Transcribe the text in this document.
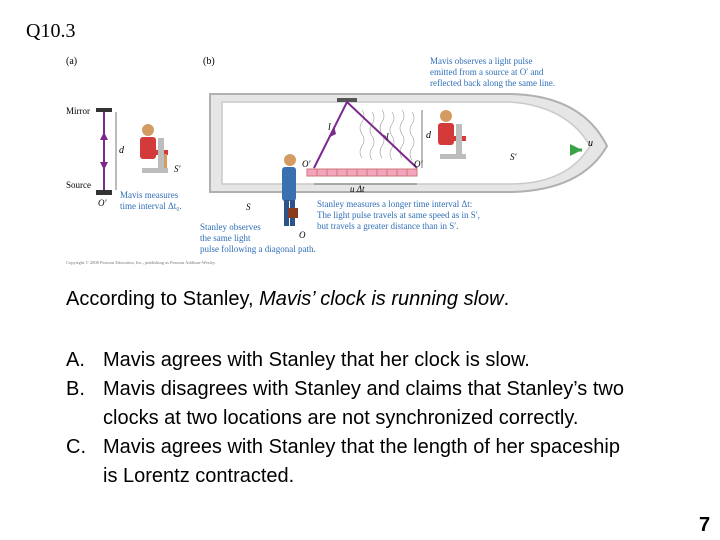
Q10.3
(a)	(b)
Mirror
d
Source
O′
S′
Mavis measures
time interval Δt₀.
l
l	d
O′	O′
S′
u
u Δt
S
O
Stanley observes
the same light
pulse following a diagonal path.
Mavis observes a light pulse
emitted from a source at O′ and
reflected back along the same line.
Stanley measures a longer time interval Δt:
The light pulse travels at same speed as in S′,
but travels a greater distance than in S′.
Copyright © 2008 Pearson Education, Inc., publishing as Pearson Addison-Wesley.
According to Stanley, Mavis’ clock is running slow.
A. Mavis agrees with Stanley that her clock is slow.
B. Mavis disagrees with Stanley and claims that Stanley’s two clocks at two locations are not synchronized correctly.
C. Mavis agrees with Stanley that the length of her spaceship is Lorentz contracted.
7
